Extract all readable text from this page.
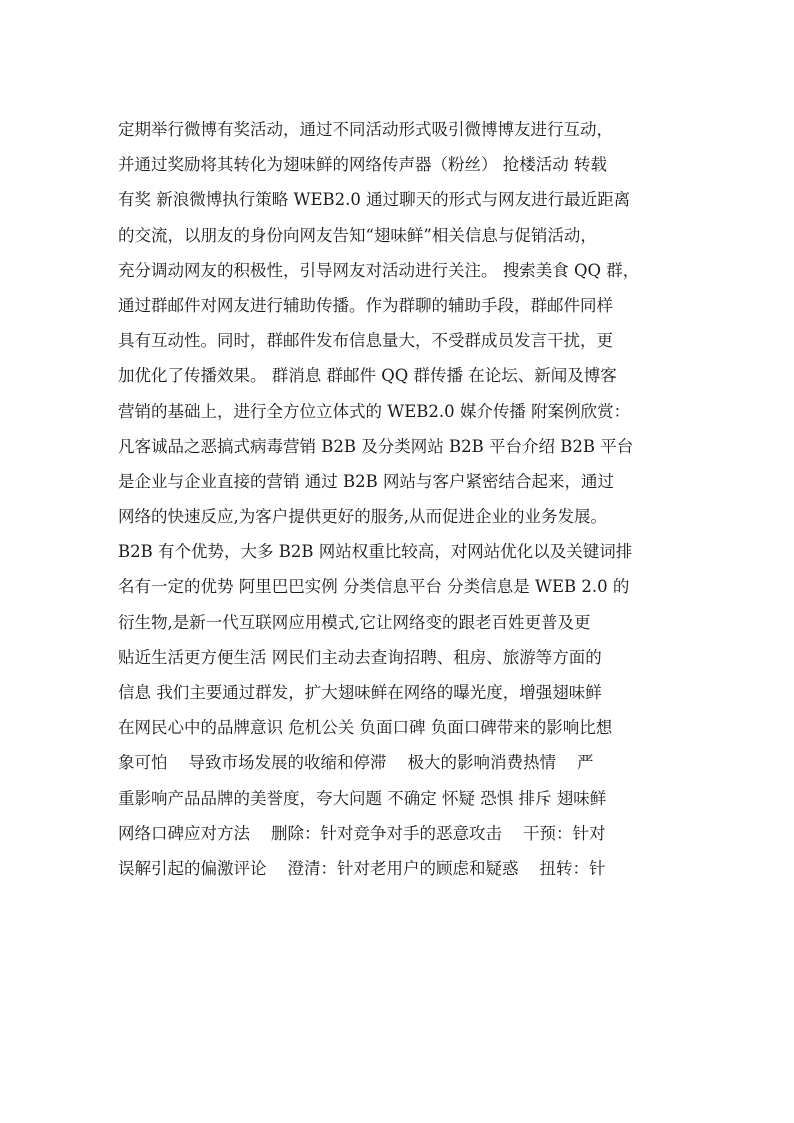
定期举行微博有奖活动，通过不同活动形式吸引微博博友进行互动，
并通过奖励将其转化为翅味鲜的网络传声器（粉丝） 抢楼活动 转载
有奖 新浪微博执行策略 WEB2.0 通过聊天的形式与网友进行最近距离
的交流，以朋友的身份向网友告知“翅味鲜”相关信息与促销活动，
充分调动网友的积极性，引导网友对活动进行关注。 搜索美食 QQ 群，
通过群邮件对网友进行辅助传播。作为群聊的辅助手段，群邮件同样
具有互动性。同时，群邮件发布信息量大，不受群成员发言干扰，更
加优化了传播效果。 群消息 群邮件 QQ 群传播 在论坛、新闻及博客
营销的基础上，进行全方位立体式的 WEB2.0 媒介传播 附案例欣赏：
凡客诚品之恶搞式病毒营销 B2B 及分类网站 B2B 平台介绍 B2B 平台
是企业与企业直接的营销 通过 B2B 网站与客户紧密结合起来，通过
网络的快速反应,为客户提供更好的服务,从而促进企业的业务发展。
B2B 有个优势，大多 B2B 网站权重比较高，对网站优化以及关键词排
名有一定的优势 阿里巴巴实例 分类信息平台 分类信息是 WEB 2.0 的
衍生物,是新一代互联网应用模式,它让网络变的跟老百姓更普及更
贴近生活更方便生活 网民们主动去查询招聘、租房、旅游等方面的
信息 我们主要通过群发，扩大翅味鲜在网络的曝光度，增强翅味鲜
在网民心中的品牌意识 危机公关 负面口碑 负面口碑带来的影响比想
象可怕    导致市场发展的收缩和停滞    极大的影响消费热情    严
重影响产品品牌的美誉度，夸大问题 不确定 怀疑 恐惧 排斥 翅味鲜
网络口碑应对方法    删除：针对竞争对手的恶意攻击    干预：针对
误解引起的偏激评论    澄清：针对老用户的顾虑和疑惑    扭转：针
